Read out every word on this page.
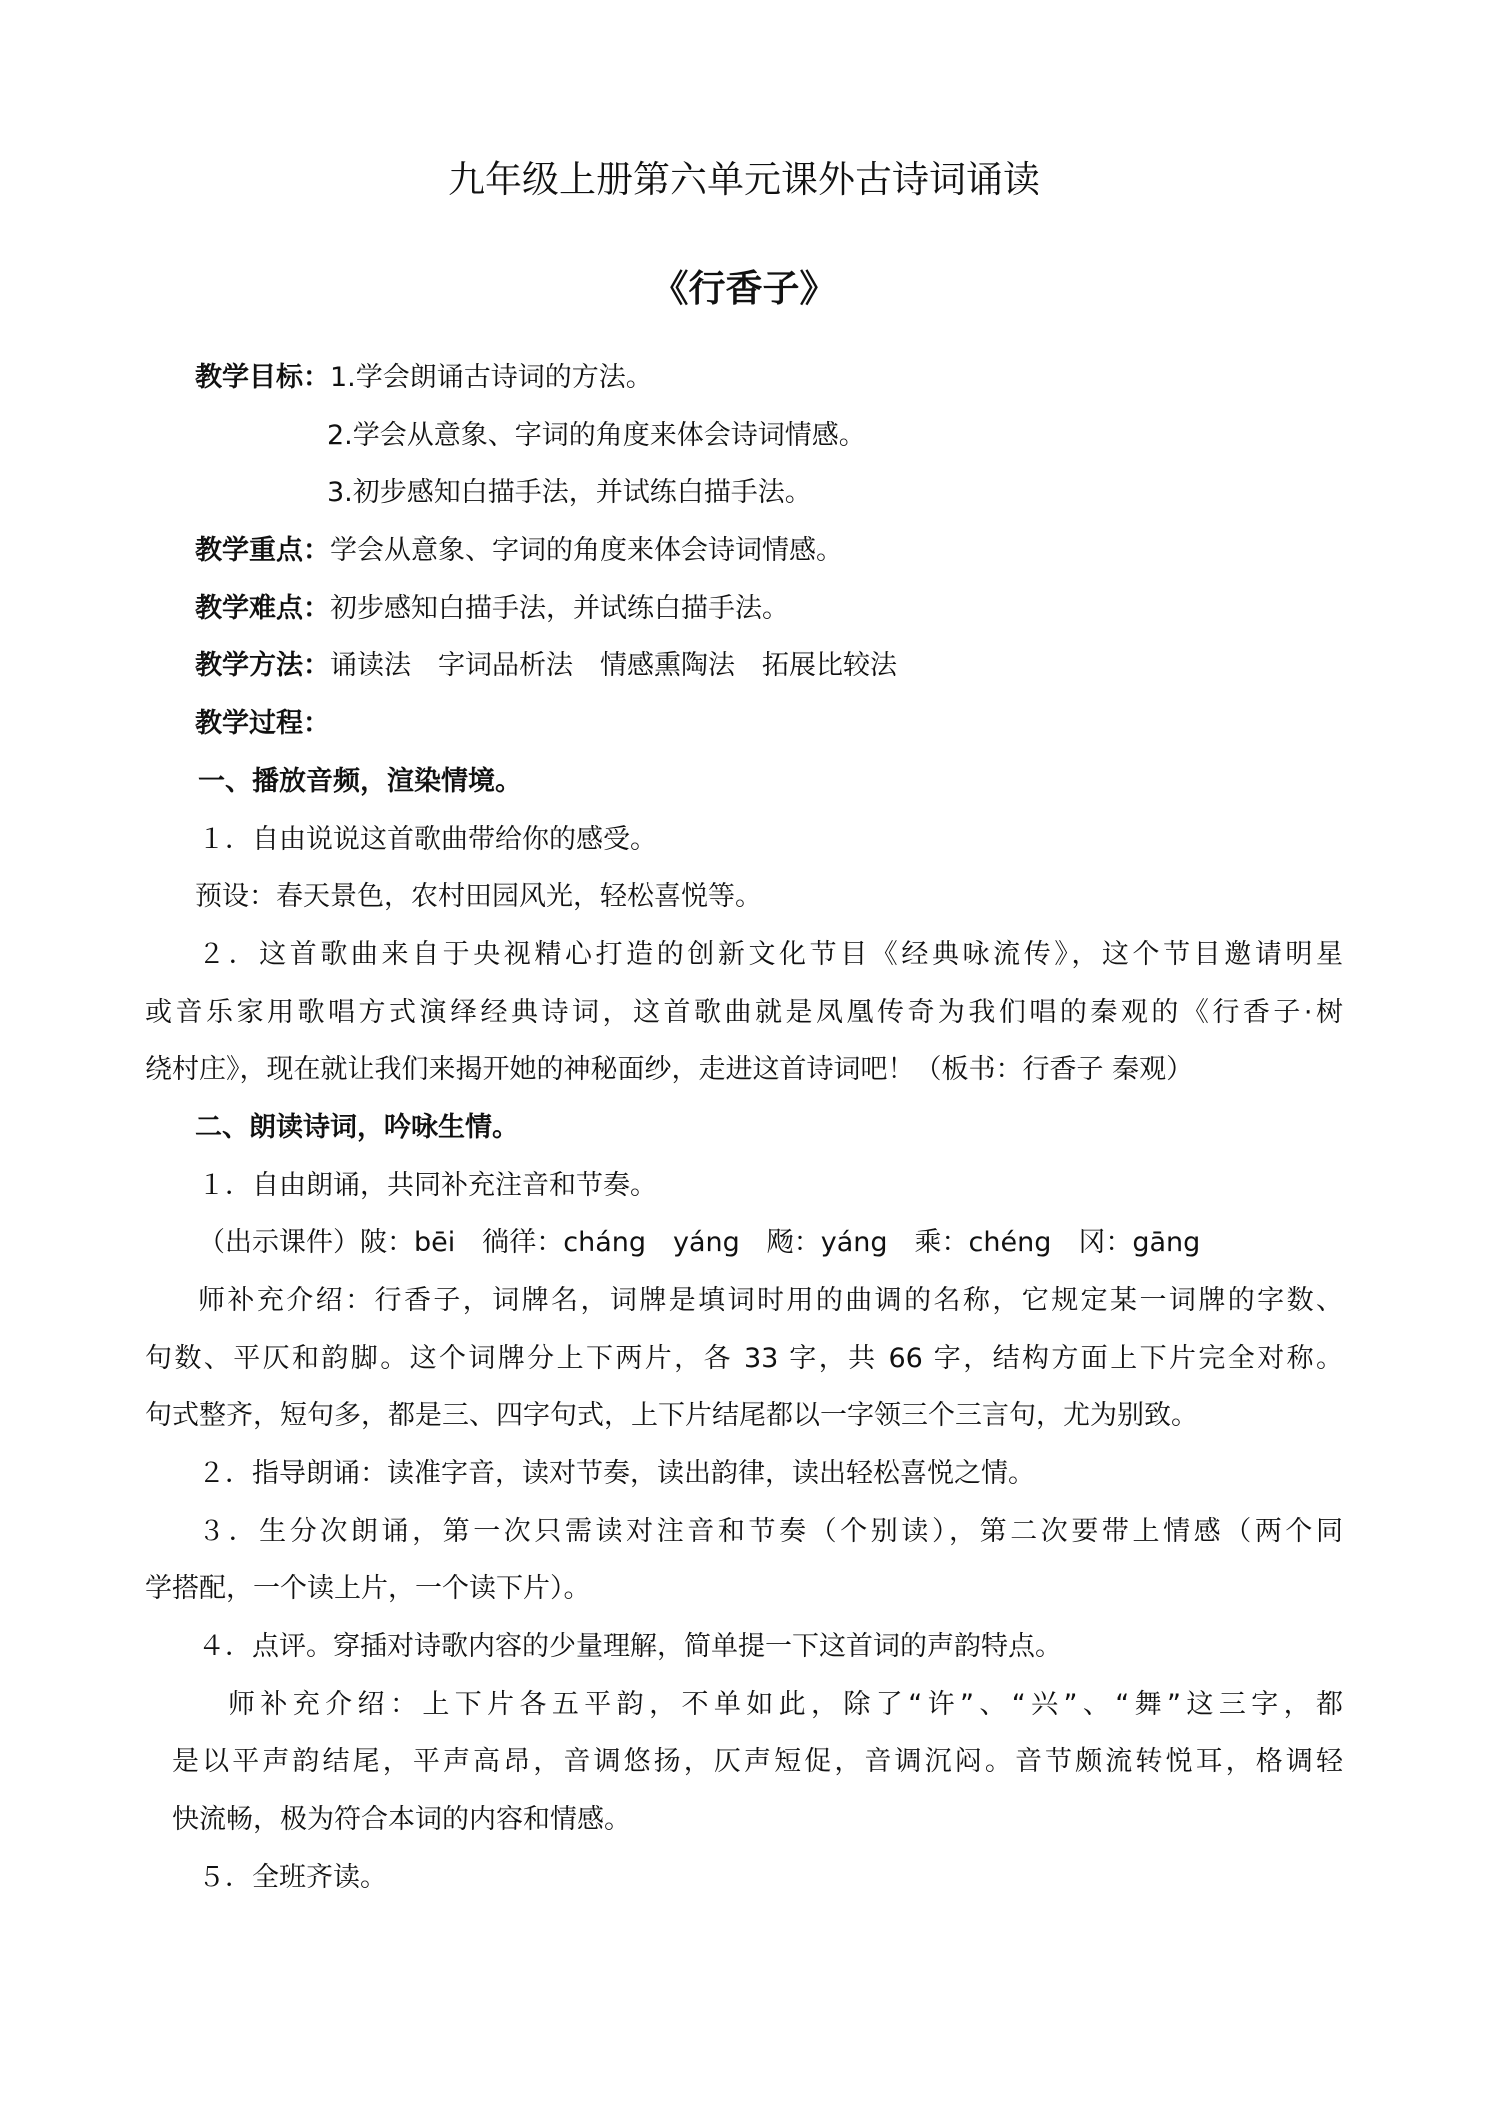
九年级上册第六单元课外古诗词诵读
《行香子》
教学目标：1.学会朗诵古诗词的方法。
2.学会从意象、字词的角度来体会诗词情感。
3.初步感知白描手法，并试练白描手法。
教学重点：学会从意象、字词的角度来体会诗词情感。
教学难点：初步感知白描手法，并试练白描手法。
教学方法：诵读法　字词品析法　情感熏陶法　拓展比较法
教学过程：
一、播放音频，渲染情境。
１．自由说说这首歌曲带给你的感受。
预设：春天景色，农村田园风光，轻松喜悦等。
２．这首歌曲来自于央视精心打造的创新文化节目《经典咏流传》，这个节目邀请明星
或音乐家用歌唱方式演绎经典诗词，这首歌曲就是凤凰传奇为我们唱的秦观的《行香子·树
绕村庄》，现在就让我们来揭开她的神秘面纱，走进这首诗词吧！（板书：行香子 秦观）
二、朗读诗词，吟咏生情。
１．自由朗诵，共同补充注音和节奏。
（出示课件）陂：bēi　徜徉：cháng　yáng　飏：yáng　乘：chéng　冈：gāng
师补充介绍：行香子，词牌名，词牌是填词时用的曲调的名称，它规定某一词牌的字数、
句数、平仄和韵脚。这个词牌分上下两片，各 33 字，共 66 字，结构方面上下片完全对称。
句式整齐，短句多，都是三、四字句式，上下片结尾都以一字领三个三言句，尤为别致。
２．指导朗诵：读准字音，读对节奏，读出韵律，读出轻松喜悦之情。
３．生分次朗诵，第一次只需读对注音和节奏（个别读），第二次要带上情感（两个同
学搭配，一个读上片，一个读下片）。
４．点评。穿插对诗歌内容的少量理解，简单提一下这首词的声韵特点。
师补充介绍：上下片各五平韵，不单如此，除了“许”、“兴”、“舞”这三字，都
是以平声韵结尾，平声高昂，音调悠扬，仄声短促，音调沉闷。音节颇流转悦耳，格调轻
快流畅，极为符合本词的内容和情感。
５．全班齐读。
